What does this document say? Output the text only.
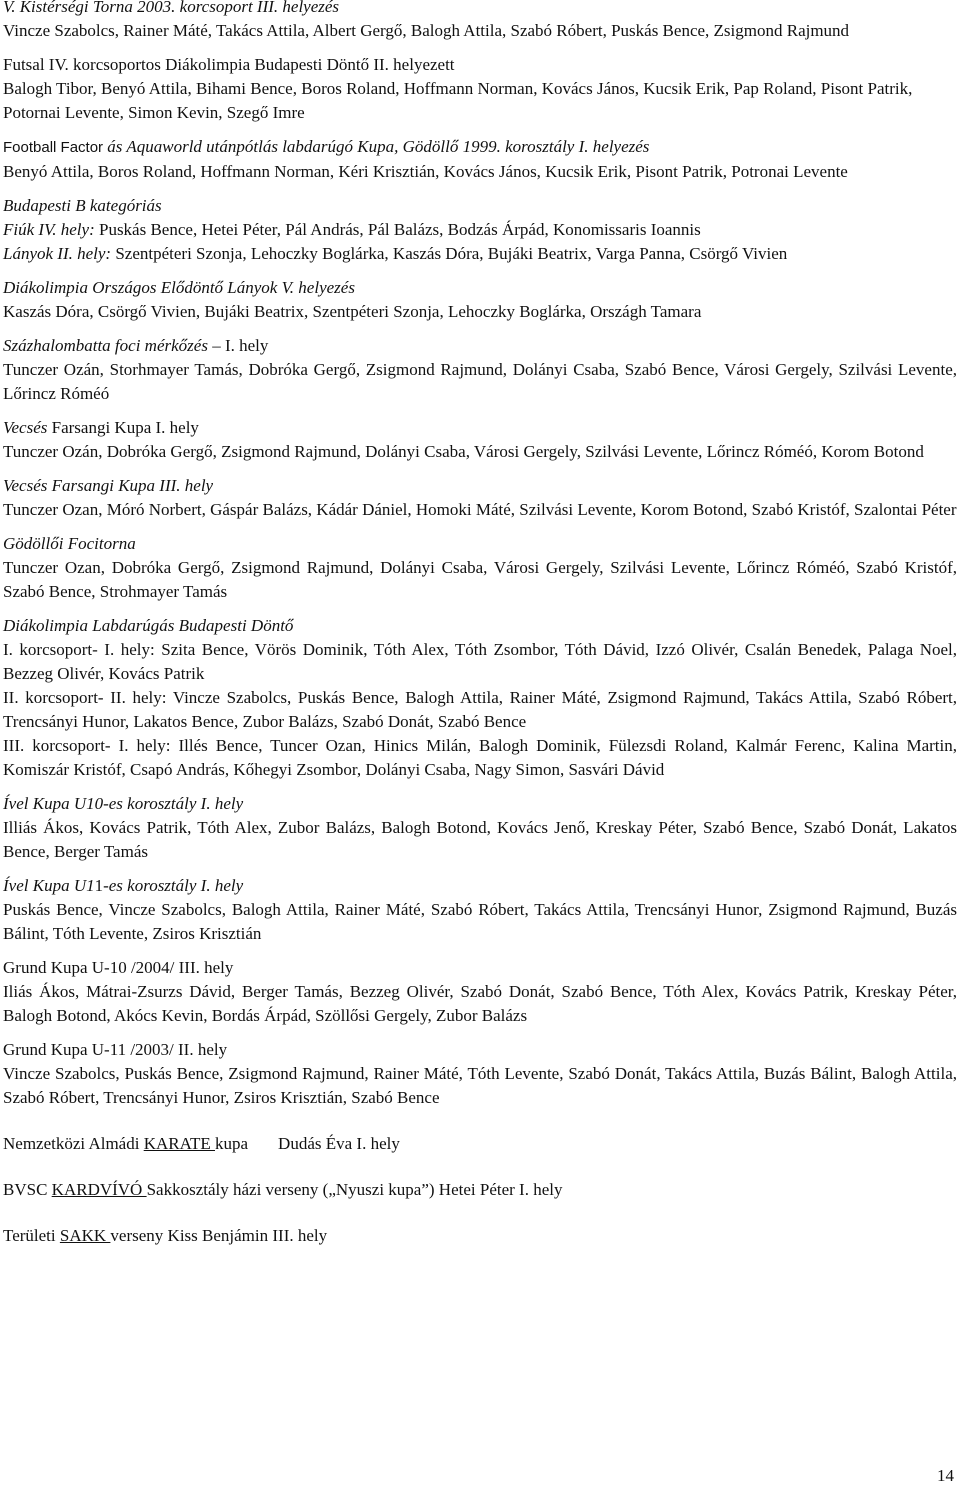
V. Kistérségi Torna 2003. korcsoport III. helyezés
Vincze Szabolcs, Rainer Máté, Takács Attila, Albert Gergő, Balogh Attila, Szabó Róbert, Puskás Bence, Zsigmond Rajmund
Futsal IV. korcsoportos Diákolimpia Budapesti Döntő II. helyezett
Balogh Tibor, Benyó Attila, Bihami Bence, Boros Roland, Hoffmann Norman, Kovács János, Kucsik Erik, Pap Roland, Pisont Patrik, Potornai Levente, Simon Kevin, Szegő Imre
Football Factor ás Aquaworld utánpótlás labdarúgó Kupa, Gödöllő 1999. korosztály I. helyezés
Benyó Attila, Boros Roland, Hoffmann Norman, Kéri Krisztián, Kovács János, Kucsik Erik, Pisont Patrik, Potronai Levente
Budapesti B kategóriás
Fiúk IV. hely: Puskás Bence, Hetei Péter, Pál András, Pál Balázs, Bodzás Árpád, Konomissaris Ioannis
Lányok II. hely: Szentpéteri Szonja, Lehoczky Boglárka, Kaszás Dóra, Bujáki Beatrix, Varga Panna, Csörgő Vivien
Diákolimpia Országos Elődöntő Lányok V. helyezés
Kaszás Dóra, Csörgő Vivien, Bujáki Beatrix, Szentpéteri Szonja, Lehoczky Boglárka, Országh Tamara
Százhalombatta foci mérkőzés – I. hely
Tunczer Ozán, Storhmayer Tamás, Dobróka Gergő, Zsigmond Rajmund, Dolányi Csaba, Szabó Bence, Városi Gergely, Szilvási Levente, Lőrincz Róméó
Vecsés Farsangi Kupa I. hely
Tunczer Ozán, Dobróka Gergő, Zsigmond Rajmund, Dolányi Csaba, Városi Gergely, Szilvási Levente, Lőrincz Róméó, Korom Botond
Vecsés Farsangi Kupa III. hely
Tunczer Ozan, Móró Norbert, Gáspár Balázs, Kádár Dániel, Homoki Máté, Szilvási Levente, Korom Botond, Szabó Kristóf, Szalontai Péter
Gödöllői Focitorna
Tunczer Ozan, Dobróka Gergő, Zsigmond Rajmund, Dolányi Csaba, Városi Gergely, Szilvási Levente, Lőrincz Róméó, Szabó Kristóf, Szabó Bence, Strohmayer Tamás
Diákolimpia Labdarúgás Budapesti Döntő
I. korcsoport- I. hely: Szita Bence, Vörös Dominik, Tóth Alex, Tóth Zsombor, Tóth Dávid, Izzó Olivér, Csalán Benedek, Palaga Noel, Bezzeg Olivér, Kovács Patrik
II. korcsoport- II. hely: Vincze Szabolcs, Puskás Bence, Balogh Attila, Rainer Máté, Zsigmond Rajmund, Takács Attila, Szabó Róbert, Trencsányi Hunor, Lakatos Bence, Zubor Balázs, Szabó Donát, Szabó Bence
III. korcsoport- I. hely: Illés Bence, Tuncer Ozan, Hinics Milán, Balogh Dominik, Fülezsdi Roland, Kalmár Ferenc, Kalina Martin, Komiszár Kristóf, Csapó András, Kőhegyi Zsombor, Dolányi Csaba, Nagy Simon, Sasvári Dávid
Ível Kupa U10-es korosztály I. hely
Illiás Ákos, Kovács Patrik, Tóth Alex, Zubor Balázs, Balogh Botond, Kovács Jenő, Kreskay Péter, Szabó Bence, Szabó Donát, Lakatos Bence, Berger Tamás
Ível Kupa U11-es korosztály I. hely
Puskás Bence, Vincze Szabolcs, Balogh Attila, Rainer Máté, Szabó Róbert, Takács Attila, Trencsányi Hunor, Zsigmond Rajmund, Buzás Bálint, Tóth Levente, Zsiros Krisztián
Grund Kupa U-10 /2004/ III. hely
Iliás Ákos, Mátrai-Zsurzs Dávid, Berger Tamás, Bezzeg Olivér, Szabó Donát, Szabó Bence, Tóth Alex, Kovács Patrik, Kreskay Péter, Balogh Botond, Akócs Kevin, Bordás Árpád, Szöllősi Gergely, Zubor Balázs
Grund Kupa U-11 /2003/ II. hely
Vincze Szabolcs, Puskás Bence, Zsigmond Rajmund, Rainer Máté, Tóth Levente, Szabó Donát, Takács Attila, Buzás Bálint, Balogh Attila, Szabó Róbert, Trencsányi Hunor, Zsiros Krisztián, Szabó Bence
Nemzetközi Almádi KARATE kupa Dudás Éva I. hely
BVSC KARDVÍVÓ Sakkosztály házi verseny („Nyuszi kupa”) Hetei Péter I. hely
Területi SAKK verseny Kiss Benjámin III. hely
14
